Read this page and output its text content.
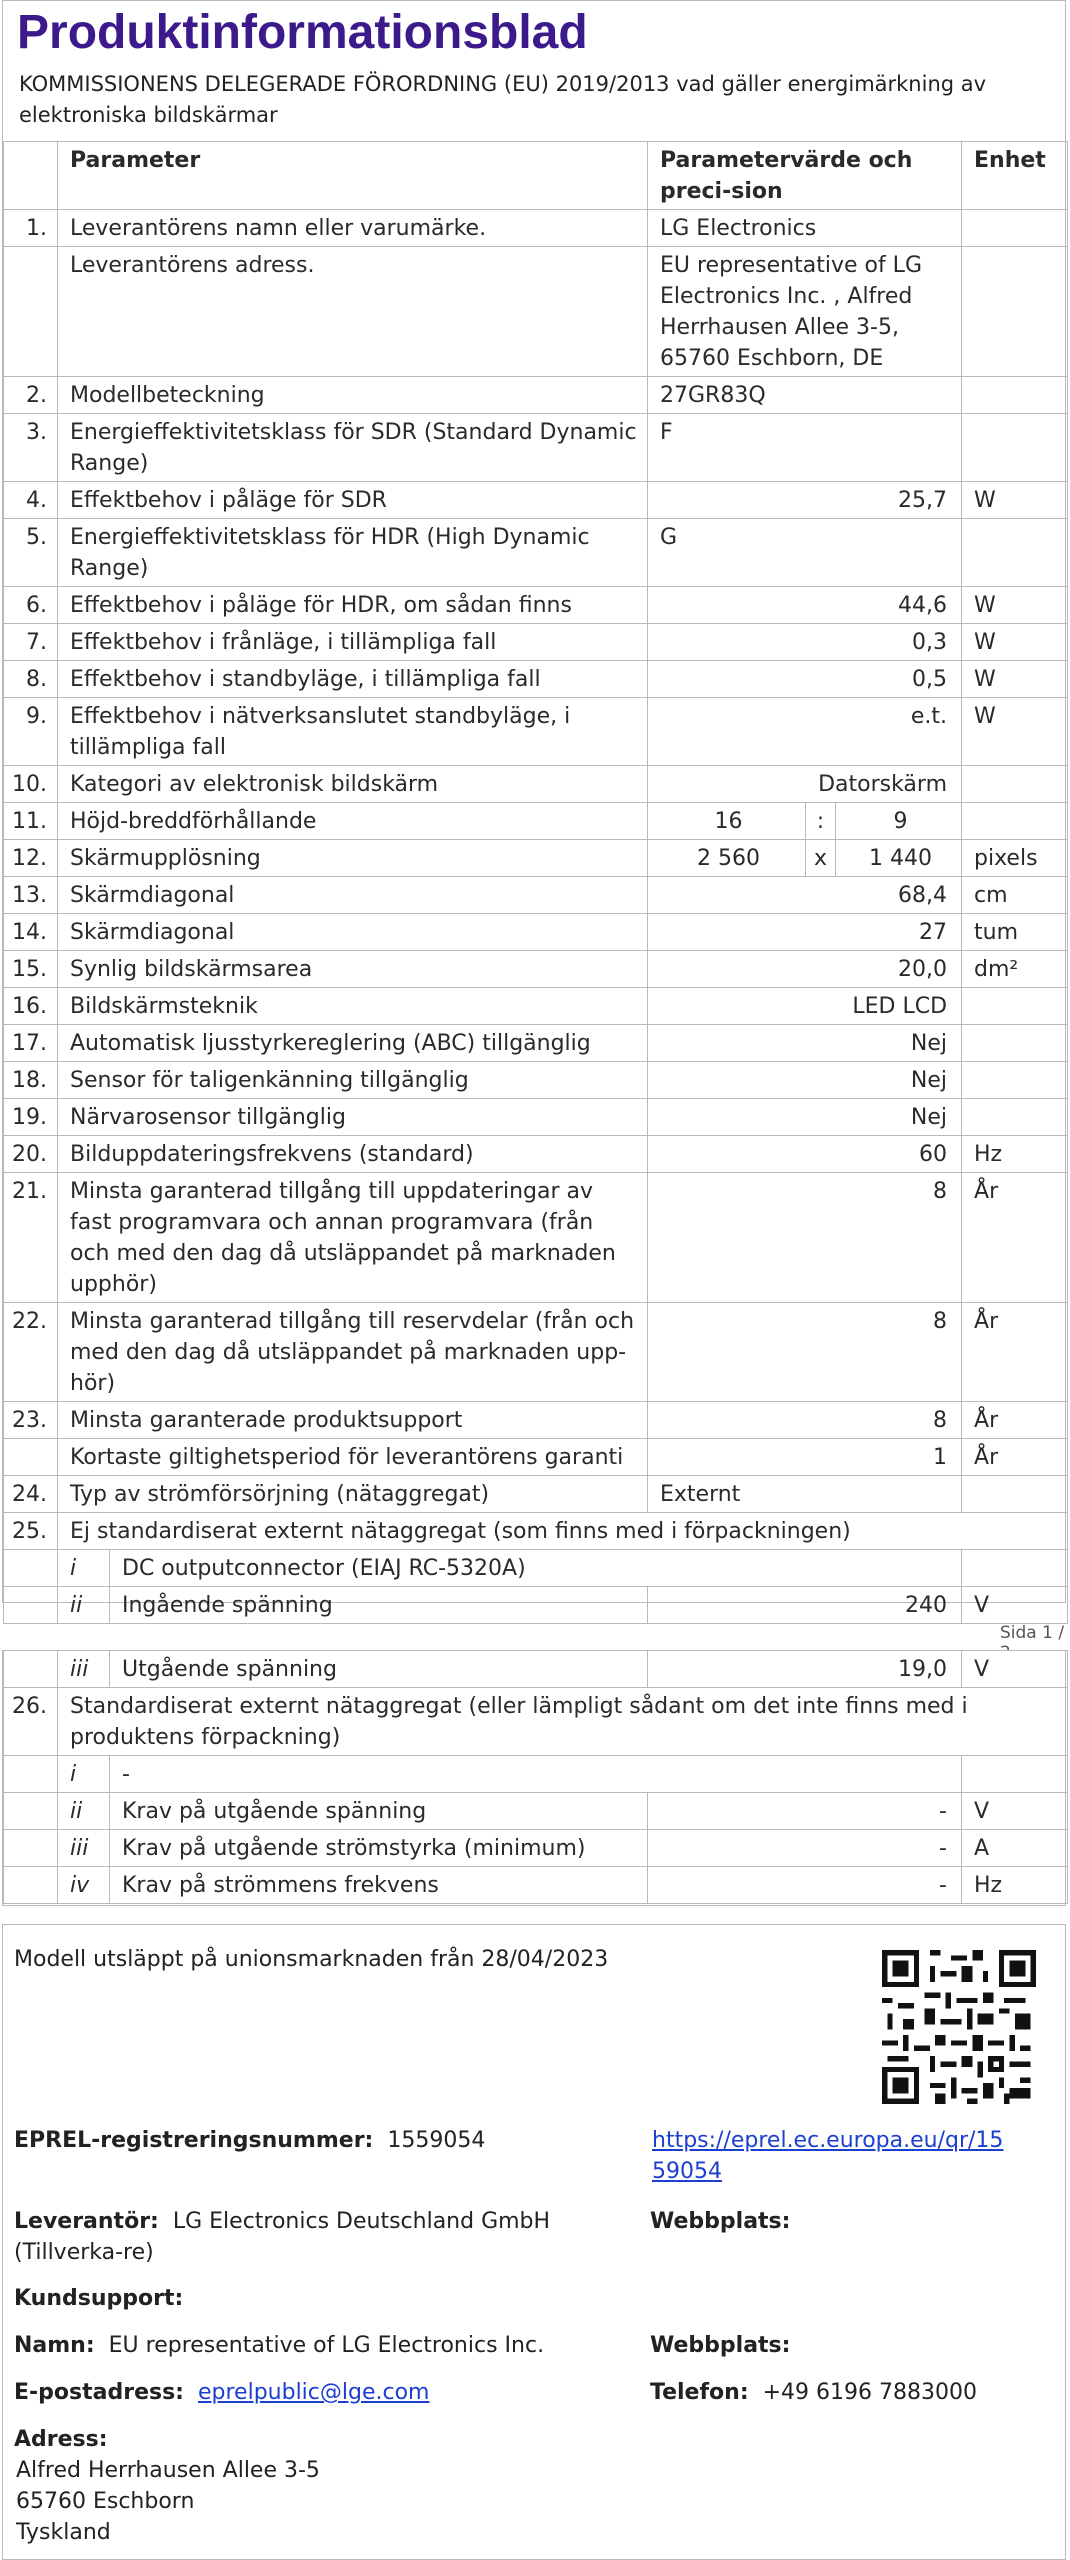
Produktinformationsblad
KOMMISSIONENS DELEGERADE FÖRORDNING (EU) 2019/2013 vad gäller energimärkning av elektroniska bildskärmar
	Parameter		Parametervärde och preci-sion			Enhet
1.	Leverantörens namn eller varumärke.		LG Electronics			
	Leverantörens adress.		EU representative of LG Electronics Inc. , Alfred Herrhausen Allee 3-5, 65760 Eschborn, DE			
2.	Modellbeteckning		27GR83Q			
3.	Energieffektivitetsklass för SDR (Standard Dynamic Range)		F			
4.	Effektbehov i påläge för SDR		25,7			W
5.	Energieffektivitetsklass för HDR (High Dynamic Range)		G			
6.	Effektbehov i påläge för HDR, om sådan finns		44,6			W
7.	Effektbehov i frånläge, i tillämpliga fall		0,3			W
8.	Effektbehov i standbyläge, i tillämpliga fall		0,5			W
9.	Effektbehov i nätverksanslutet standbyläge, i tillämpliga fall		e.t.			W
10.	Kategori av elektronisk bildskärm		Datorskärm			
11.	Höjd-breddförhållande		16	:	9	
12.	Skärmupplösning		2 560	x	1 440	pixels
13.	Skärmdiagonal		68,4			cm
14.	Skärmdiagonal		27			tum
15.	Synlig bildskärmsarea		20,0			dm²
16.	Bildskärmsteknik		LED LCD			
17.	Automatisk ljusstyrkereglering (ABC) tillgänglig		Nej			
18.	Sensor för taligenkänning tillgänglig		Nej			
19.	Närvarosensor tillgänglig		Nej			
20.	Bilduppdateringsfrekvens (standard)		60			Hz
21.	Minsta garanterad tillgång till uppdateringar av fast programvara och annan programvara (från och med den dag då utsläppandet på marknaden upphör)		8			År
22.	Minsta garanterad tillgång till reservdelar (från och med den dag då utsläppandet på marknaden upp-hör)		8			År
23.	Minsta garanterade produktsupport		8			År
	Kortaste giltighetsperiod för leverantörens garanti		1			År
24.	Typ av strömförsörjning (nätaggregat)		Externt			
25.	Ej standardiserat externt nätaggregat (som finns med i förpackningen)					
	i	DC outputconnector (EIAJ RC-5320A)				
	ii	Ingående spänning	240			V
Sida 1 /
	iii	Utgående spänning	19,0	V
26.	Standardiserat externt nätaggregat (eller lämpligt sådant om det inte finns med i produktens förpackning)			
	i	-		
	ii	Krav på utgående spänning	-	V
	iii	Krav på utgående strömstyrka (minimum)	-	A
	iv	Krav på strömmens frekvens	-	Hz
Modell utsläppt på unionsmarknaden från 28/04/2023
EPREL-registreringsnummer: 1559054	https://eprel.ec.europa.eu/qr/1559054
Leverantör: LG Electronics Deutschland GmbH (Tillverka-re)
Webbplats:
Kundsupport:
Namn: EU representative of LG Electronics Inc.	Webbplats:
E-postadress: eprelpublic@lge.com	Telefon: +49 6196 7883000
Adress:
Alfred Herrhausen Allee 3-5
65760 Eschborn
Tyskland
